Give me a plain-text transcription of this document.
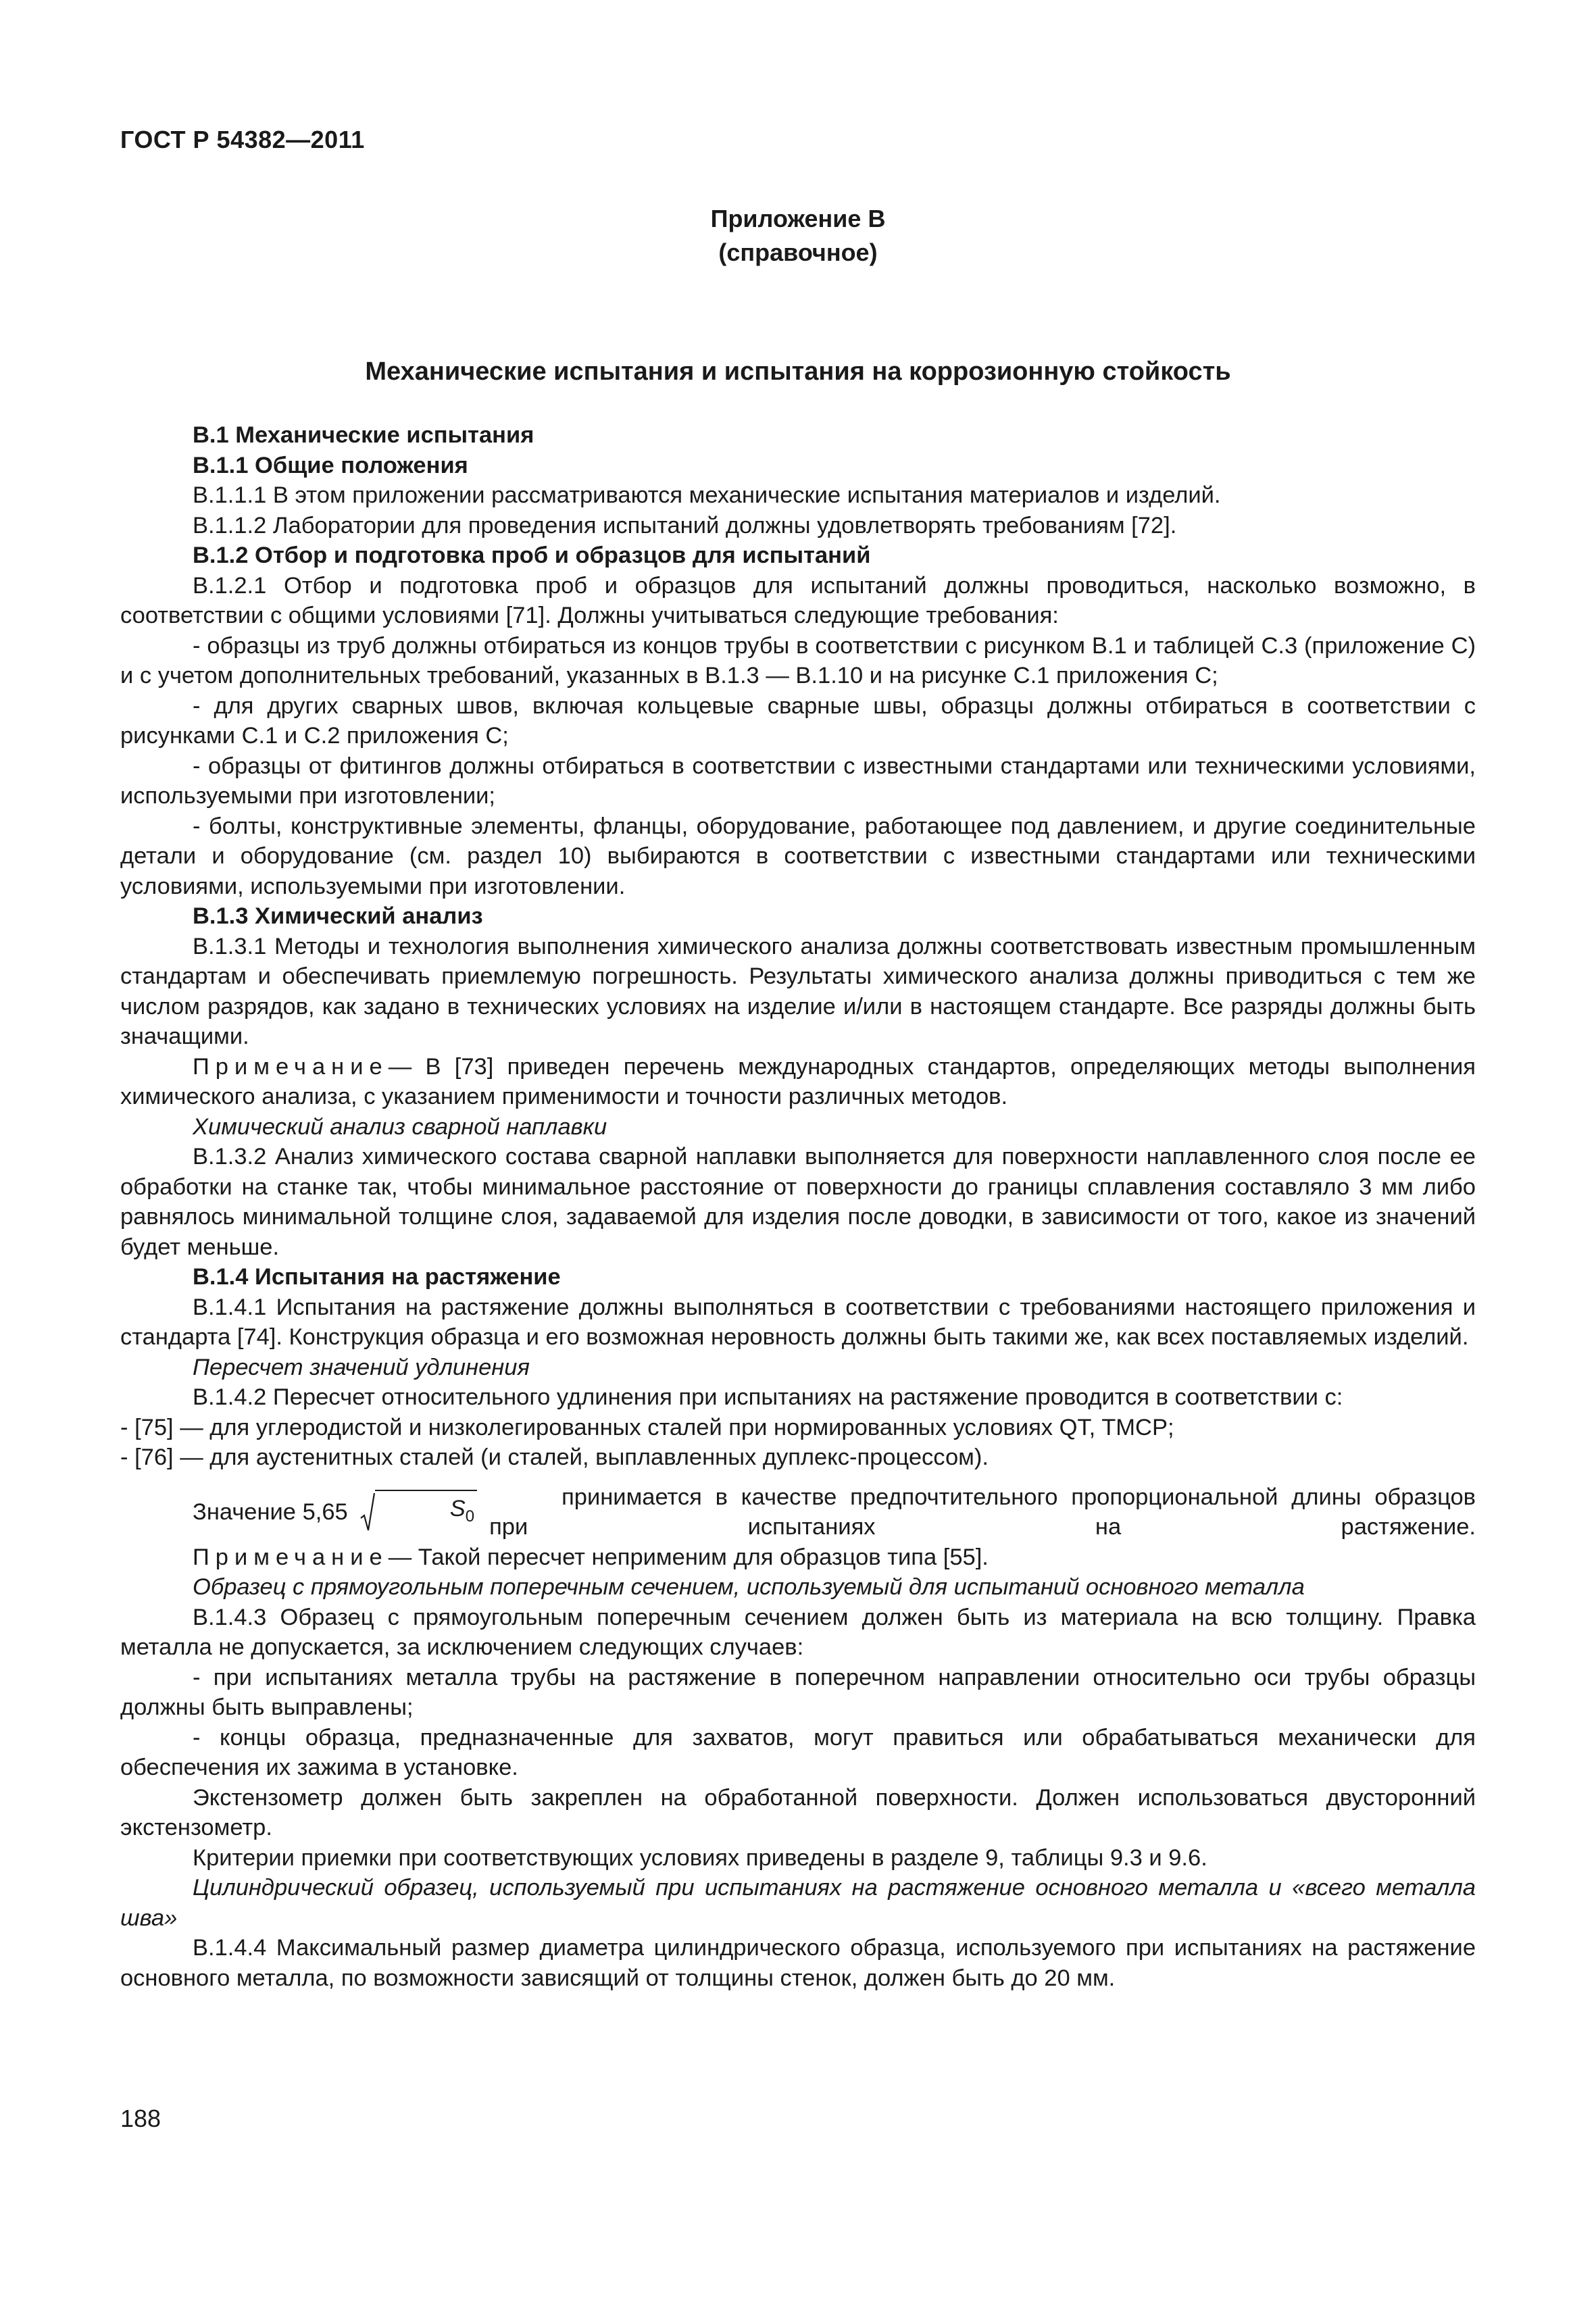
ГОСТ Р 54382—2011
Приложение В
(справочное)
Механические испытания и испытания на коррозионную стойкость

В.1 Механические испытания

В.1.1 Общие положения

В.1.1.1 В этом приложении рассматриваются механические испытания материалов и изделий.

В.1.1.2 Лаборатории для проведения испытаний должны удовлетворять требованиям [72].

В.1.2 Отбор и подготовка проб и образцов для испытаний

В.1.2.1 Отбор и подготовка проб и образцов для испытаний должны проводиться, насколько возможно, в соответствии с общими условиями [71]. Должны учитываться следующие требования:

- образцы из труб должны отбираться из концов трубы в соответствии с рисунком В.1 и таблицей С.3 (приложение С) и с учетом дополнительных требований, указанных в В.1.3 — В.1.10 и на рисунке С.1 приложения С;

- для других сварных швов, включая кольцевые сварные швы, образцы должны отбираться в соответствии с рисунками С.1 и С.2 приложения С;

- образцы от фитингов должны отбираться в соответствии с известными стандартами или техническими условиями, используемыми при изготовлении;

- болты, конструктивные элементы, фланцы, оборудование, работающее под давлением, и другие соединительные детали и оборудование (см. раздел 10) выбираются в соответствии с известными стандартами или техническими условиями, используемыми при изготовлении.

В.1.3 Химический анализ

В.1.3.1 Методы и технология выполнения химического анализа должны соответствовать известным промышленным стандартам и обеспечивать приемлемую погрешность. Результаты химического анализа должны приводиться с тем же числом разрядов, как задано в технических условиях на изделие и/или в настоящем стандарте. Все разряды должны быть значащими.

Примечание— В [73] приведен перечень международных стандартов, определяющих методы выполнения химического анализа, с указанием применимости и точности различных методов.

Химический анализ сварной наплавки

В.1.3.2 Анализ химического состава сварной наплавки выполняется для поверхности наплавленного слоя после ее обработки на станке так, чтобы минимальное расстояние от поверхности до границы сплавления составляло 3 мм либо равнялось минимальной толщине слоя, задаваемой для изделия после доводки, в зависимости от того, какое из значений будет меньше.

В.1.4 Испытания на растяжение

В.1.4.1 Испытания на растяжение должны выполняться в соответствии с требованиями настоящего приложения и стандарта [74]. Конструкция образца и его возможная неровность должны быть такими же, как всех поставляемых изделий.

Пересчет значений удлинения

В.1.4.2 Пересчет относительного удлинения при испытаниях на растяжение проводится в соответствии с:

- [75] — для углеродистой и низколегированных сталей при нормированных условиях QT, TMCP;

- [76] — для аустенитных сталей (и сталей, выплавленных дуплекс-процессом).

Значение 5,65	$S_0$
принимается в качестве предпочтительного пропорциональной длины образцов при испытаниях на растяжение.

Примечание— Такой пересчет неприменим для образцов типа [55].

Образец с прямоугольным поперечным сечением, используемый для испытаний основного металла

В.1.4.3 Образец с прямоугольным поперечным сечением должен быть из материала на всю толщину. Правка металла не допускается, за исключением следующих случаев:

- при испытаниях металла трубы на растяжение в поперечном направлении относительно оси трубы образцы должны быть выправлены;

- концы образца, предназначенные для захватов, могут правиться или обрабатываться механически для обеспечения их зажима в установке.

Экстензометр должен быть закреплен на обработанной поверхности. Должен использоваться двусторонний экстензометр.

Критерии приемки при соответствующих условиях приведены в разделе 9, таблицы 9.3 и 9.6.

Цилиндрический образец, используемый при испытаниях на растяжение основного металла и «всего металла шва»

В.1.4.4 Максимальный размер диаметра цилиндрического образца, используемого при испытаниях на растяжение основного металла, по возможности зависящий от толщины стенок, должен быть до 20 мм.

188
